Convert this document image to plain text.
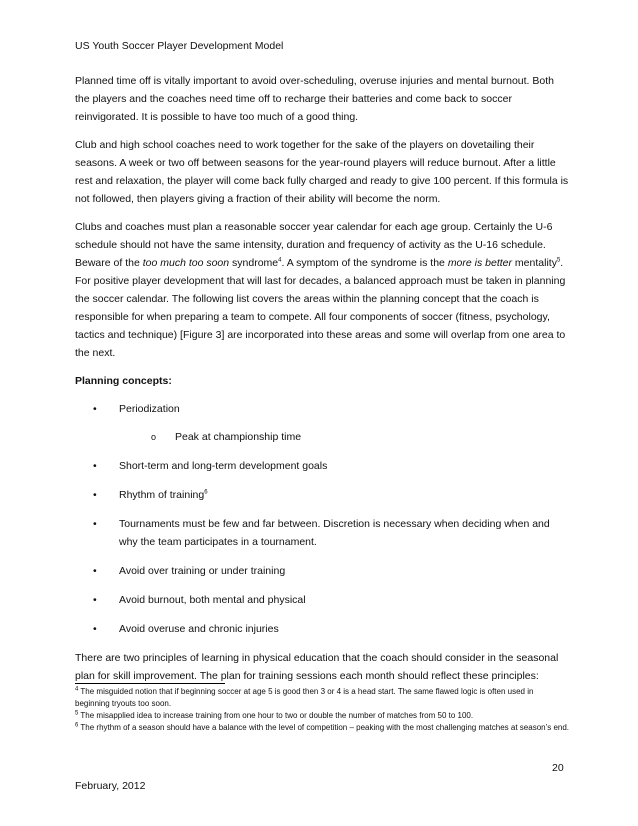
US Youth Soccer Player Development Model

Planned time off is vitally important to avoid over-scheduling, overuse injuries and mental burnout. Both the players and the coaches need time off to recharge their batteries and come back to soccer reinvigorated. It is possible to have too much of a good thing.

Club and high school coaches need to work together for the sake of the players on dovetailing their seasons. A week or two off between seasons for the year-round players will reduce burnout. After a little rest and relaxation, the player will come back fully charged and ready to give 100 percent. If this formula is not followed, then players giving a fraction of their ability will become the norm.

Clubs and coaches must plan a reasonable soccer year calendar for each age group. Certainly the U-6 schedule should not have the same intensity, duration and frequency of activity as the U-16 schedule. Beware of the too much too soon syndrome$^4$. A symptom of the syndrome is the more is better mentality$^5$. For positive player development that will last for decades, a balanced approach must be taken in planning the soccer calendar. The following list covers the areas within the planning concept that the coach is responsible for when preparing a team to compete. All four components of soccer (fitness, psychology, tactics and technique) [Figure 3] are incorporated into these areas and some will overlap from one area to the next.

Planning concepts:
• Periodization
o Peak at championship time
• Short-term and long-term development goals
• Rhythm of training$^6$
• Tournaments must be few and far between. Discretion is necessary when deciding when and why the team participates in a tournament.
• Avoid over training or under training
• Avoid burnout, both mental and physical
• Avoid overuse and chronic injuries

There are two principles of learning in physical education that the coach should consider in the seasonal plan for skill improvement. The plan for training sessions each month should reflect these principles:

$^4$ The misguided notion that if beginning soccer at age 5 is good then 3 or 4 is a head start. The same flawed logic is often used in beginning tryouts too soon.

$^5$ The misapplied idea to increase training from one hour to two or double the number of matches from 50 to 100.

$^6$ The rhythm of a season should have a balance with the level of competition – peaking with the most challenging matches at season’s end.

20
February, 2012
